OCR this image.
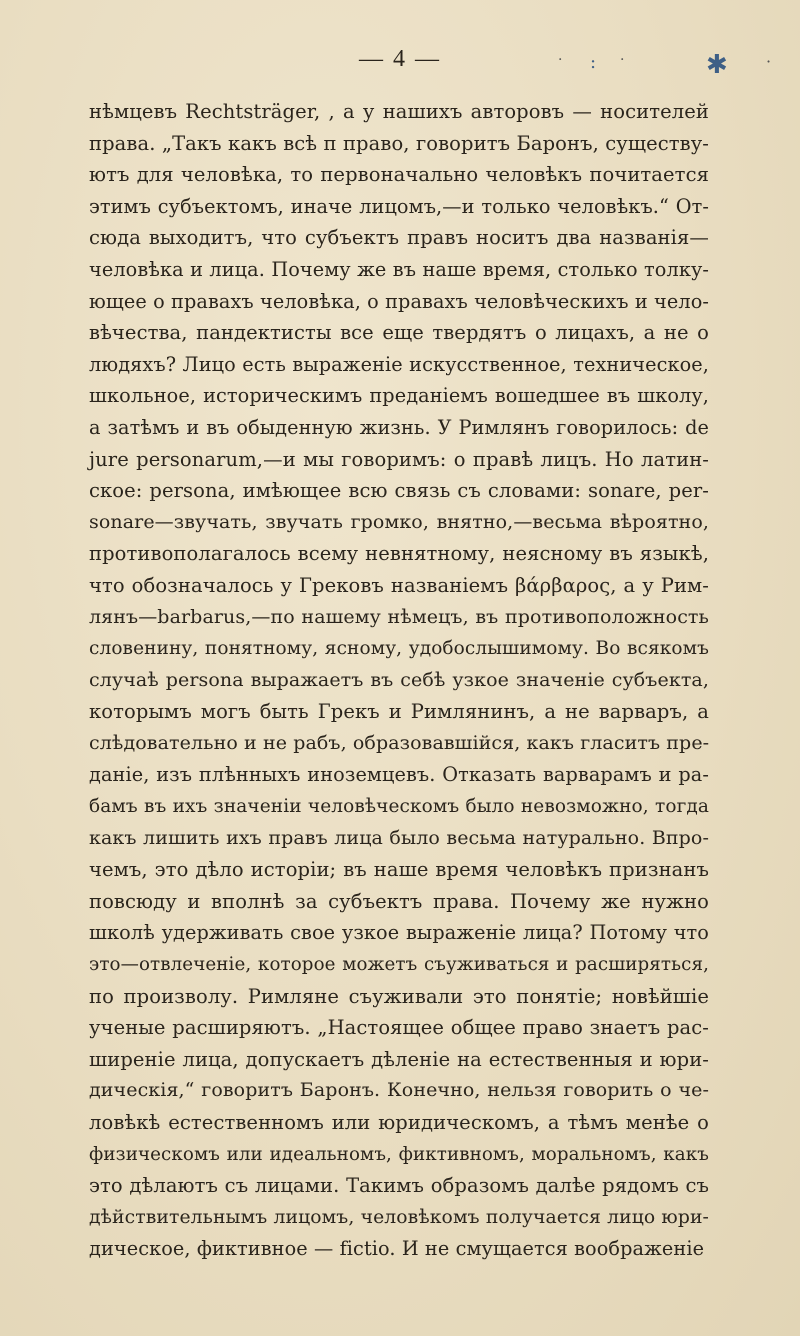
— 4 —	· : ·	✱ ·
нѣмцевъ Rechtsträger, , а у нашихъ авторовъ — носителей
права. „Такъ какъ всѣ п право, говоритъ Баронъ, существу-
ютъ для человѣка, то первоначально человѣкъ почитается
этимъ субъектомъ, иначе лицомъ,—и только человѣкъ.“ От-
сюда выходитъ, что субъектъ правъ носитъ два названія—
человѣка и лица. Почему же въ наше время, столько толку-
ющее о правахъ человѣка, о правахъ человѣческихъ и чело-
вѣчества, пандектисты все еще твердятъ о лицахъ, а не о
людяхъ? Лицо есть выраженіе искусственное, техническое,
школьное, историческимъ преданіемъ вошедшее въ школу,
а затѣмъ и въ обыденную жизнь. У Римлянъ говорилось: de
jure personarum,—и мы говоримъ: о правѣ лицъ. Но латин-
ское: persona, имѣющее всю связь съ словами: sonare, per-
sonare—звучать, звучать громко, внятно,—весьма вѣроятно,
противополагалось всему невнятному, неясному въ языкѣ,
что обозначалось у Грековъ названіемъ βάρβαρος, а у Рим-
лянъ—barbarus,—по нашему нѣмецъ, въ противоположность
словенину, понятному, ясному, удобослышимому. Во всякомъ
случаѣ persona выражаетъ въ себѣ узкое значеніе субъекта,
которымъ могъ быть Грекъ и Римлянинъ, а не варваръ, а
слѣдовательно и не рабъ, образовавшійся, какъ гласитъ пре-
даніе, изъ плѣнныхъ иноземцевъ. Отказать варварамъ и ра-
бамъ въ ихъ значеніи человѣческомъ было невозможно, тогда
какъ лишить ихъ правъ лица было весьма натурально. Впро-
чемъ, это дѣло исторіи; въ наше время человѣкъ признанъ
повсюду и вполнѣ за субъектъ права. Почему же нужно
школѣ удерживать свое узкое выраженіе лица? Потому что
это—отвлеченіе, которое можетъ съуживаться и расширяться,
по произволу. Римляне съуживали это понятіе; новѣйшіе
ученые расширяютъ. „Настоящее общее право знаетъ рас-
ширеніе лица, допускаетъ дѣленіе на естественныя и юри-
дическія,“ говоритъ Баронъ. Конечно, нельзя говорить о че-
ловѣкѣ естественномъ или юридическомъ, а тѣмъ менѣе о
физическомъ или идеальномъ, фиктивномъ, моральномъ, какъ
это дѣлаютъ съ лицами. Такимъ образомъ далѣе рядомъ съ
дѣйствительнымъ лицомъ, человѣкомъ получается лицо юри-
дическое, фиктивное — fictio. И не смущается воображеніе
